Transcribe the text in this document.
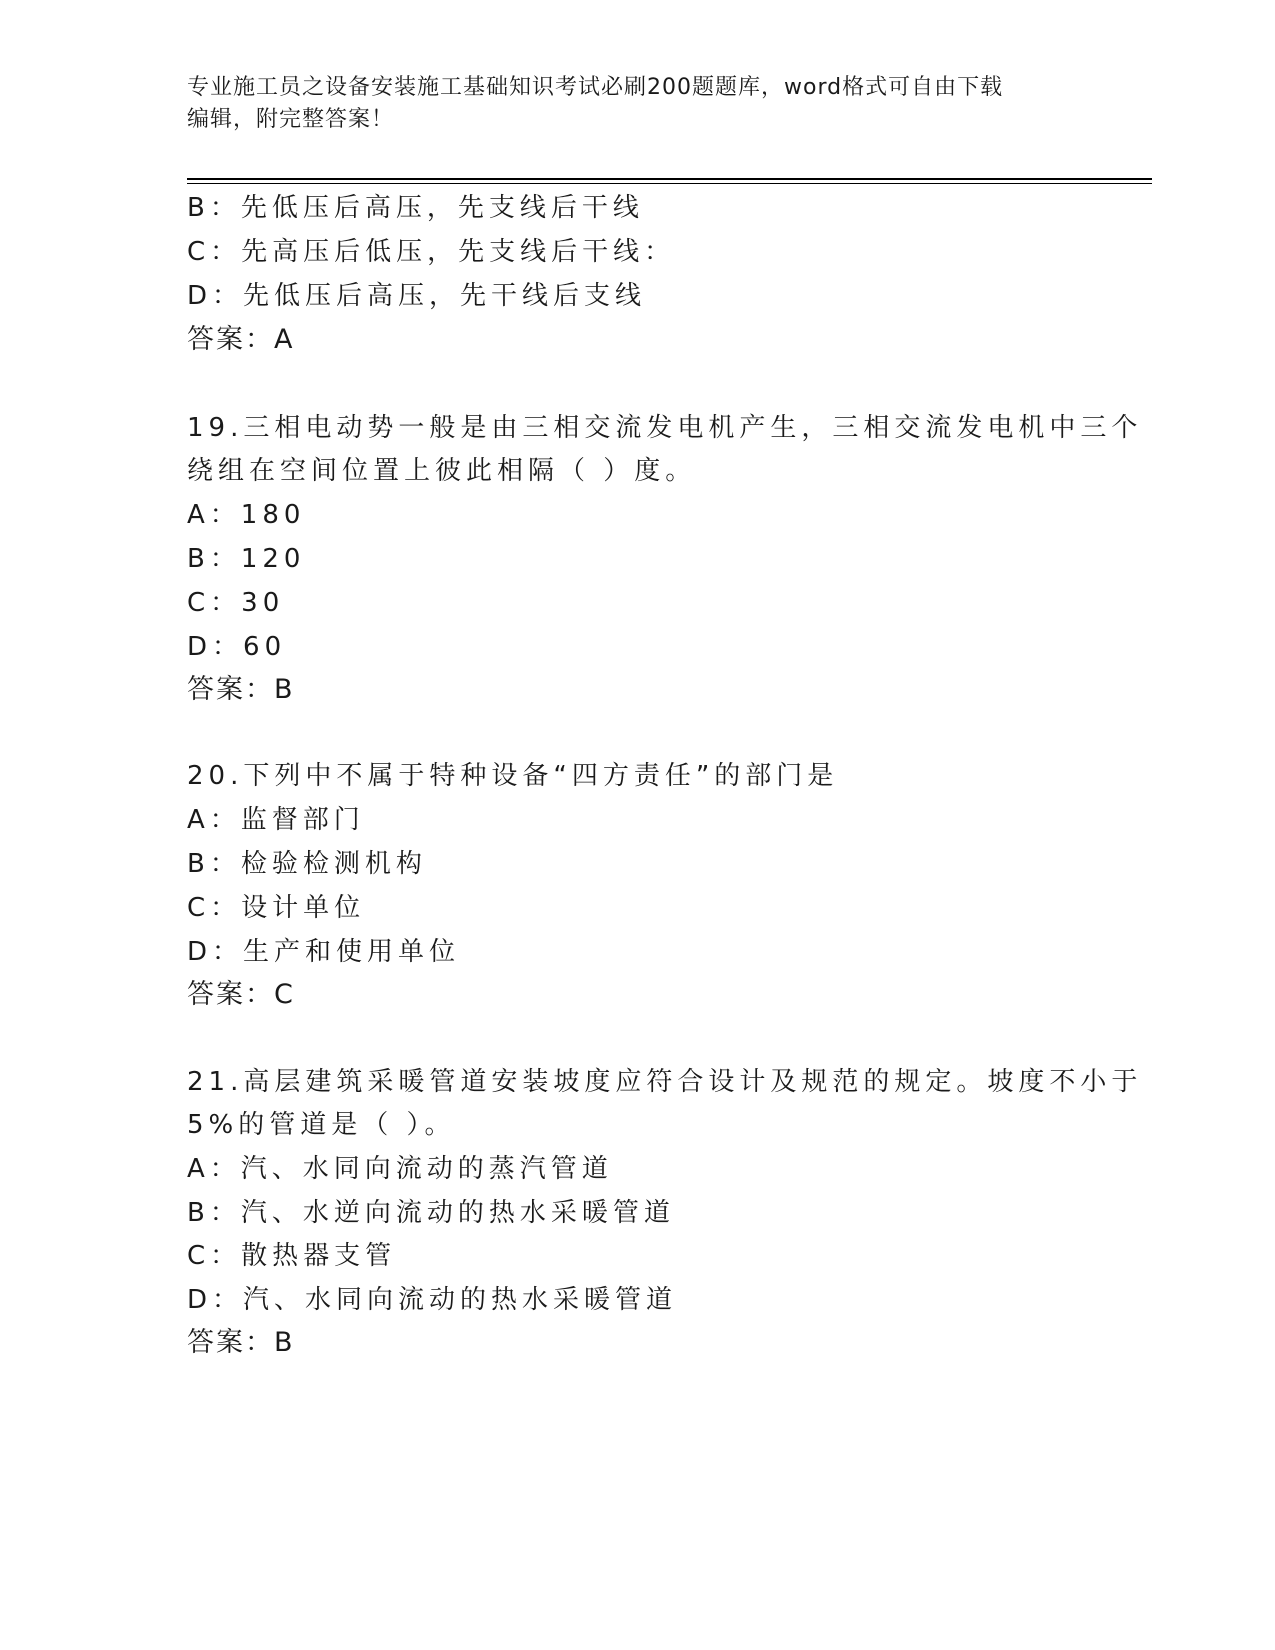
专业施工员之设备安装施工基础知识考试必刷200题题库，word格式可自由下载
编辑，附完整答案！
B：先低压后高压，先支线后干线
C：先高压后低压，先支线后干线：
D：先低压后高压，先干线后支线
答案：A
19.三相电动势一般是由三相交流发电机产生，三相交流发电机中三个
绕组在空间位置上彼此相隔（ ）度。
A：180
B：120
C：30
D：60
答案：B
20.下列中不属于特种设备“四方责任”的部门是
A：监督部门
B：检验检测机构
C：设计单位
D：生产和使用单位
答案：C
21.高层建筑采暖管道安装坡度应符合设计及规范的规定。坡度不小于
5%的管道是（ ）。
A：汽、水同向流动的蒸汽管道
B：汽、水逆向流动的热水采暖管道
C：散热器支管
D：汽、水同向流动的热水采暖管道
答案：B
